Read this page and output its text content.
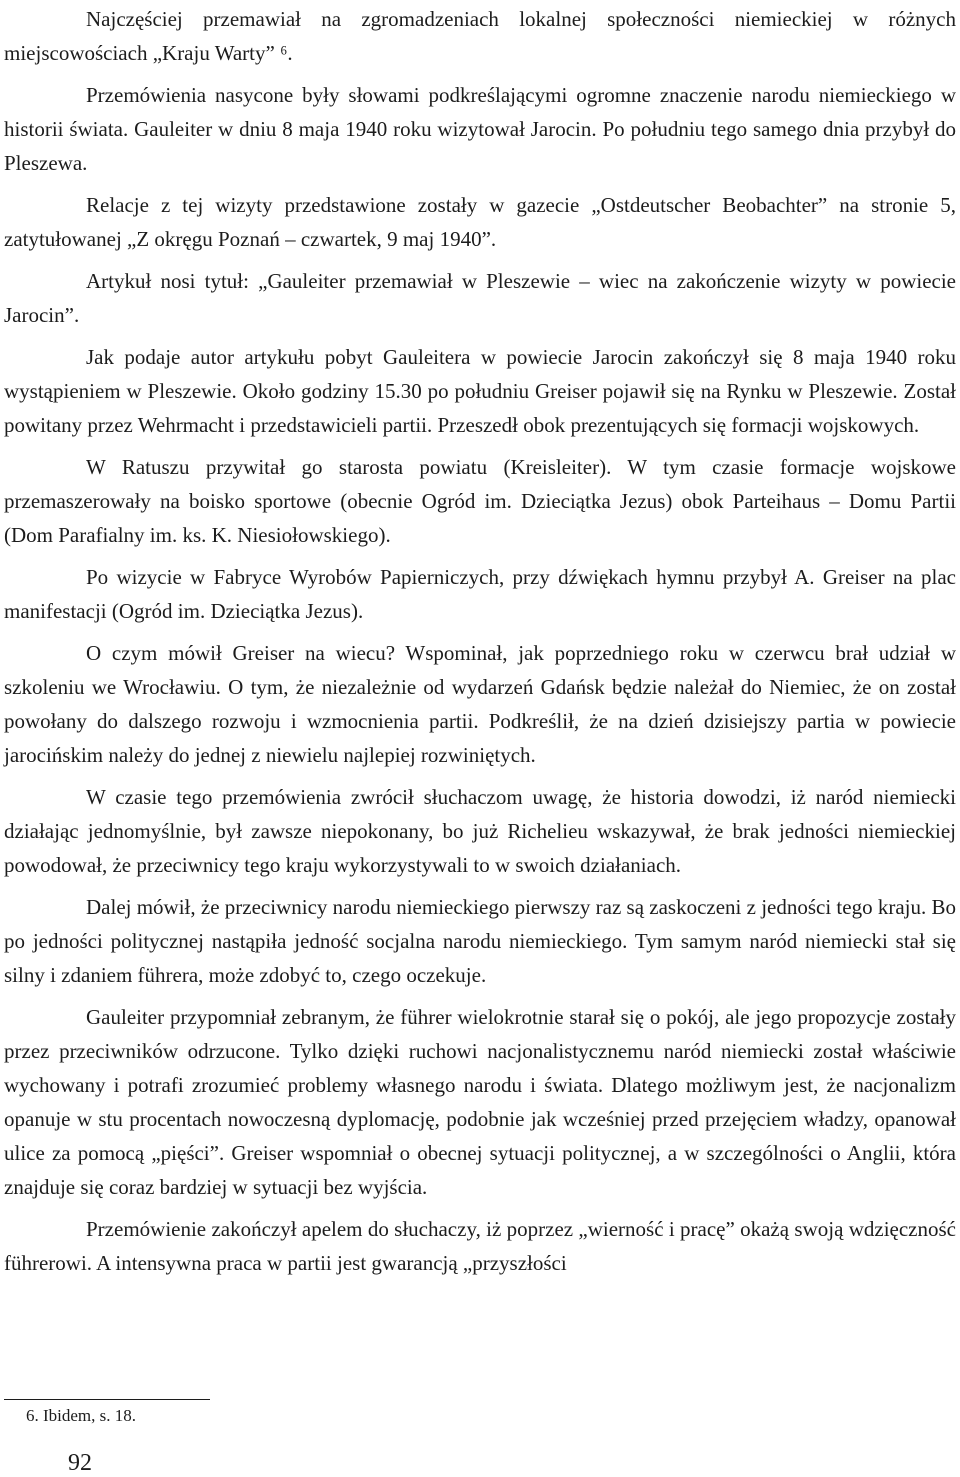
Najczęściej przemawiał na zgromadzeniach lokalnej społeczności niemieckiej w różnych miejscowościach „Kraju Warty” ⁶.

Przemówienia nasycone były słowami podkreślającymi ogromne znaczenie narodu niemieckiego w historii świata. Gauleiter w dniu 8 maja 1940 roku wizytował Jarocin. Po południu tego samego dnia przybył do Pleszewa.

Relacje z tej wizyty przedstawione zostały w gazecie „Ostdeutscher Beobachter” na stronie 5, zatytułowanej „Z okręgu Poznań – czwartek, 9 maj 1940”.

Artykuł nosi tytuł: „Gauleiter przemawiał w Pleszewie – wiec na zakończenie wizyty w powiecie Jarocin”.

Jak podaje autor artykułu pobyt Gauleitera w powiecie Jarocin zakończył się 8 maja 1940 roku wystąpieniem w Pleszewie. Około godziny 15.30 po południu Greiser pojawił się na Rynku w Pleszewie. Został powitany przez Wehrmacht i przedstawicieli partii. Przeszedł obok prezentujących się formacji wojskowych.

W Ratuszu przywitał go starosta powiatu (Kreisleiter). W tym czasie formacje wojskowe przemaszerowały na boisko sportowe (obecnie Ogród im. Dzieciątka Jezus) obok Parteihaus – Domu Partii (Dom Parafialny im. ks. K. Niesiołowskiego).

Po wizycie w Fabryce Wyrobów Papierniczych, przy dźwiękach hymnu przybył A. Greiser na plac manifestacji (Ogród im. Dzieciątka Jezus).

O czym mówił Greiser na wiecu? Wspominał, jak poprzedniego roku w czerwcu brał udział w szkoleniu we Wrocławiu. O tym, że niezależnie od wydarzeń Gdańsk będzie należał do Niemiec, że on został powołany do dalszego rozwoju i wzmocnienia partii. Podkreślił, że na dzień dzisiejszy partia w powiecie jarocińskim należy do jednej z niewielu najlepiej rozwiniętych.

W czasie tego przemówienia zwrócił słuchaczom uwagę, że historia dowodzi, iż naród niemiecki działając jednomyślnie, był zawsze niepokonany, bo już Richelieu wskazywał, że brak jedności niemieckiej powodował, że przeciwnicy tego kraju wykorzystywali to w swoich działaniach.

Dalej mówił, że przeciwnicy narodu niemieckiego pierwszy raz są zaskoczeni z jedności tego kraju. Bo po jedności politycznej nastąpiła jedność socjalna narodu niemieckiego. Tym samym naród niemiecki stał się silny i zdaniem führera, może zdobyć to, czego oczekuje.

Gauleiter przypomniał zebranym, że führer wielokrotnie starał się o pokój, ale jego propozycje zostały przez przeciwników odrzucone. Tylko dzięki ruchowi nacjonalistycznemu naród niemiecki został właściwie wychowany i potrafi zrozumieć problemy własnego narodu i świata. Dlatego możliwym jest, że nacjonalizm opanuje w stu procentach nowoczesną dyplomację, podobnie jak wcześniej przed przejęciem władzy, opanował ulice za pomocą „pięści”. Greiser wspomniał o obecnej sytuacji politycznej, a w szczególności o Anglii, która znajduje się coraz bardziej w sytuacji bez wyjścia.

Przemówienie zakończył apelem do słuchaczy, iż poprzez „wierność i pracę” okażą swoją wdzięczność führerowi. A intensywna praca w partii jest gwarancją „przyszłości

6. Ibidem, s. 18.
92
